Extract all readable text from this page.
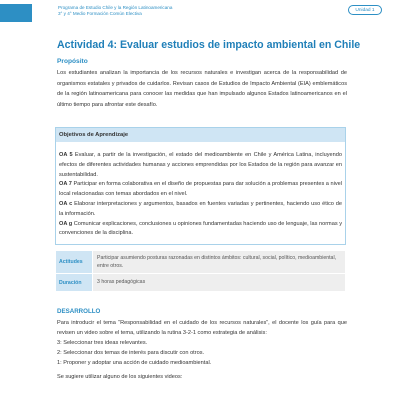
Programa de Estudio Chile y la Región Latinoamericana
3° y 4° Medio Formación Común Electiva
Unidad 1
Actividad 4: Evaluar estudios de impacto ambiental en Chile
Propósito
Los estudiantes analizan la importancia de los recursos naturales e investigan acerca de la responsabilidad de organismos estatales y privados de cuidarlos. Revisan casos de Estudios de Impacto Ambiental (EIA) emblemáticos de la región latinoamericana para conocer las medidas que han impulsado algunos Estados latinoamericanos en el último tiempo para afrontar este desafío.
Objetivos de Aprendizaje

OA 5 Evaluar, a partir de la investigación, el estado del medioambiente en Chile y América Latina, incluyendo efectos de diferentes actividades humanas y acciones emprendidas por los Estados de la región para avanzar en sustentabilidad.

OA 7 Participar en forma colaborativa en el diseño de propuestas para dar solución a problemas presentes a nivel local relacionadas con temas abordados en el nivel.

OA c Elaborar interpretaciones y argumentos, basados en fuentes variadas y pertinentes, haciendo uso ético de la información.

OA g Comunicar explicaciones, conclusiones u opiniones fundamentadas haciendo uso de lenguaje, las normas y convenciones de la disciplina.

Actitudes	Participar asumiendo posturas razonadas en distintos ámbitos: cultural, social, político, medioambiental, entre otros.
Duración	3 horas pedagógicas
DESARROLLO
Para introducir el tema “Responsabilidad en el cuidado de los recursos naturales”, el docente los guía para que revisen un video sobre el tema, utilizando la rutina 3-2-1 como estrategia de análisis:
3: Seleccionar tres ideas relevantes.
2: Seleccionar dos temas de interés para discutir con otros.
1: Proponer y adoptar una acción de cuidado medioambiental.
Se sugiere utilizar alguno de los siguientes videos:
